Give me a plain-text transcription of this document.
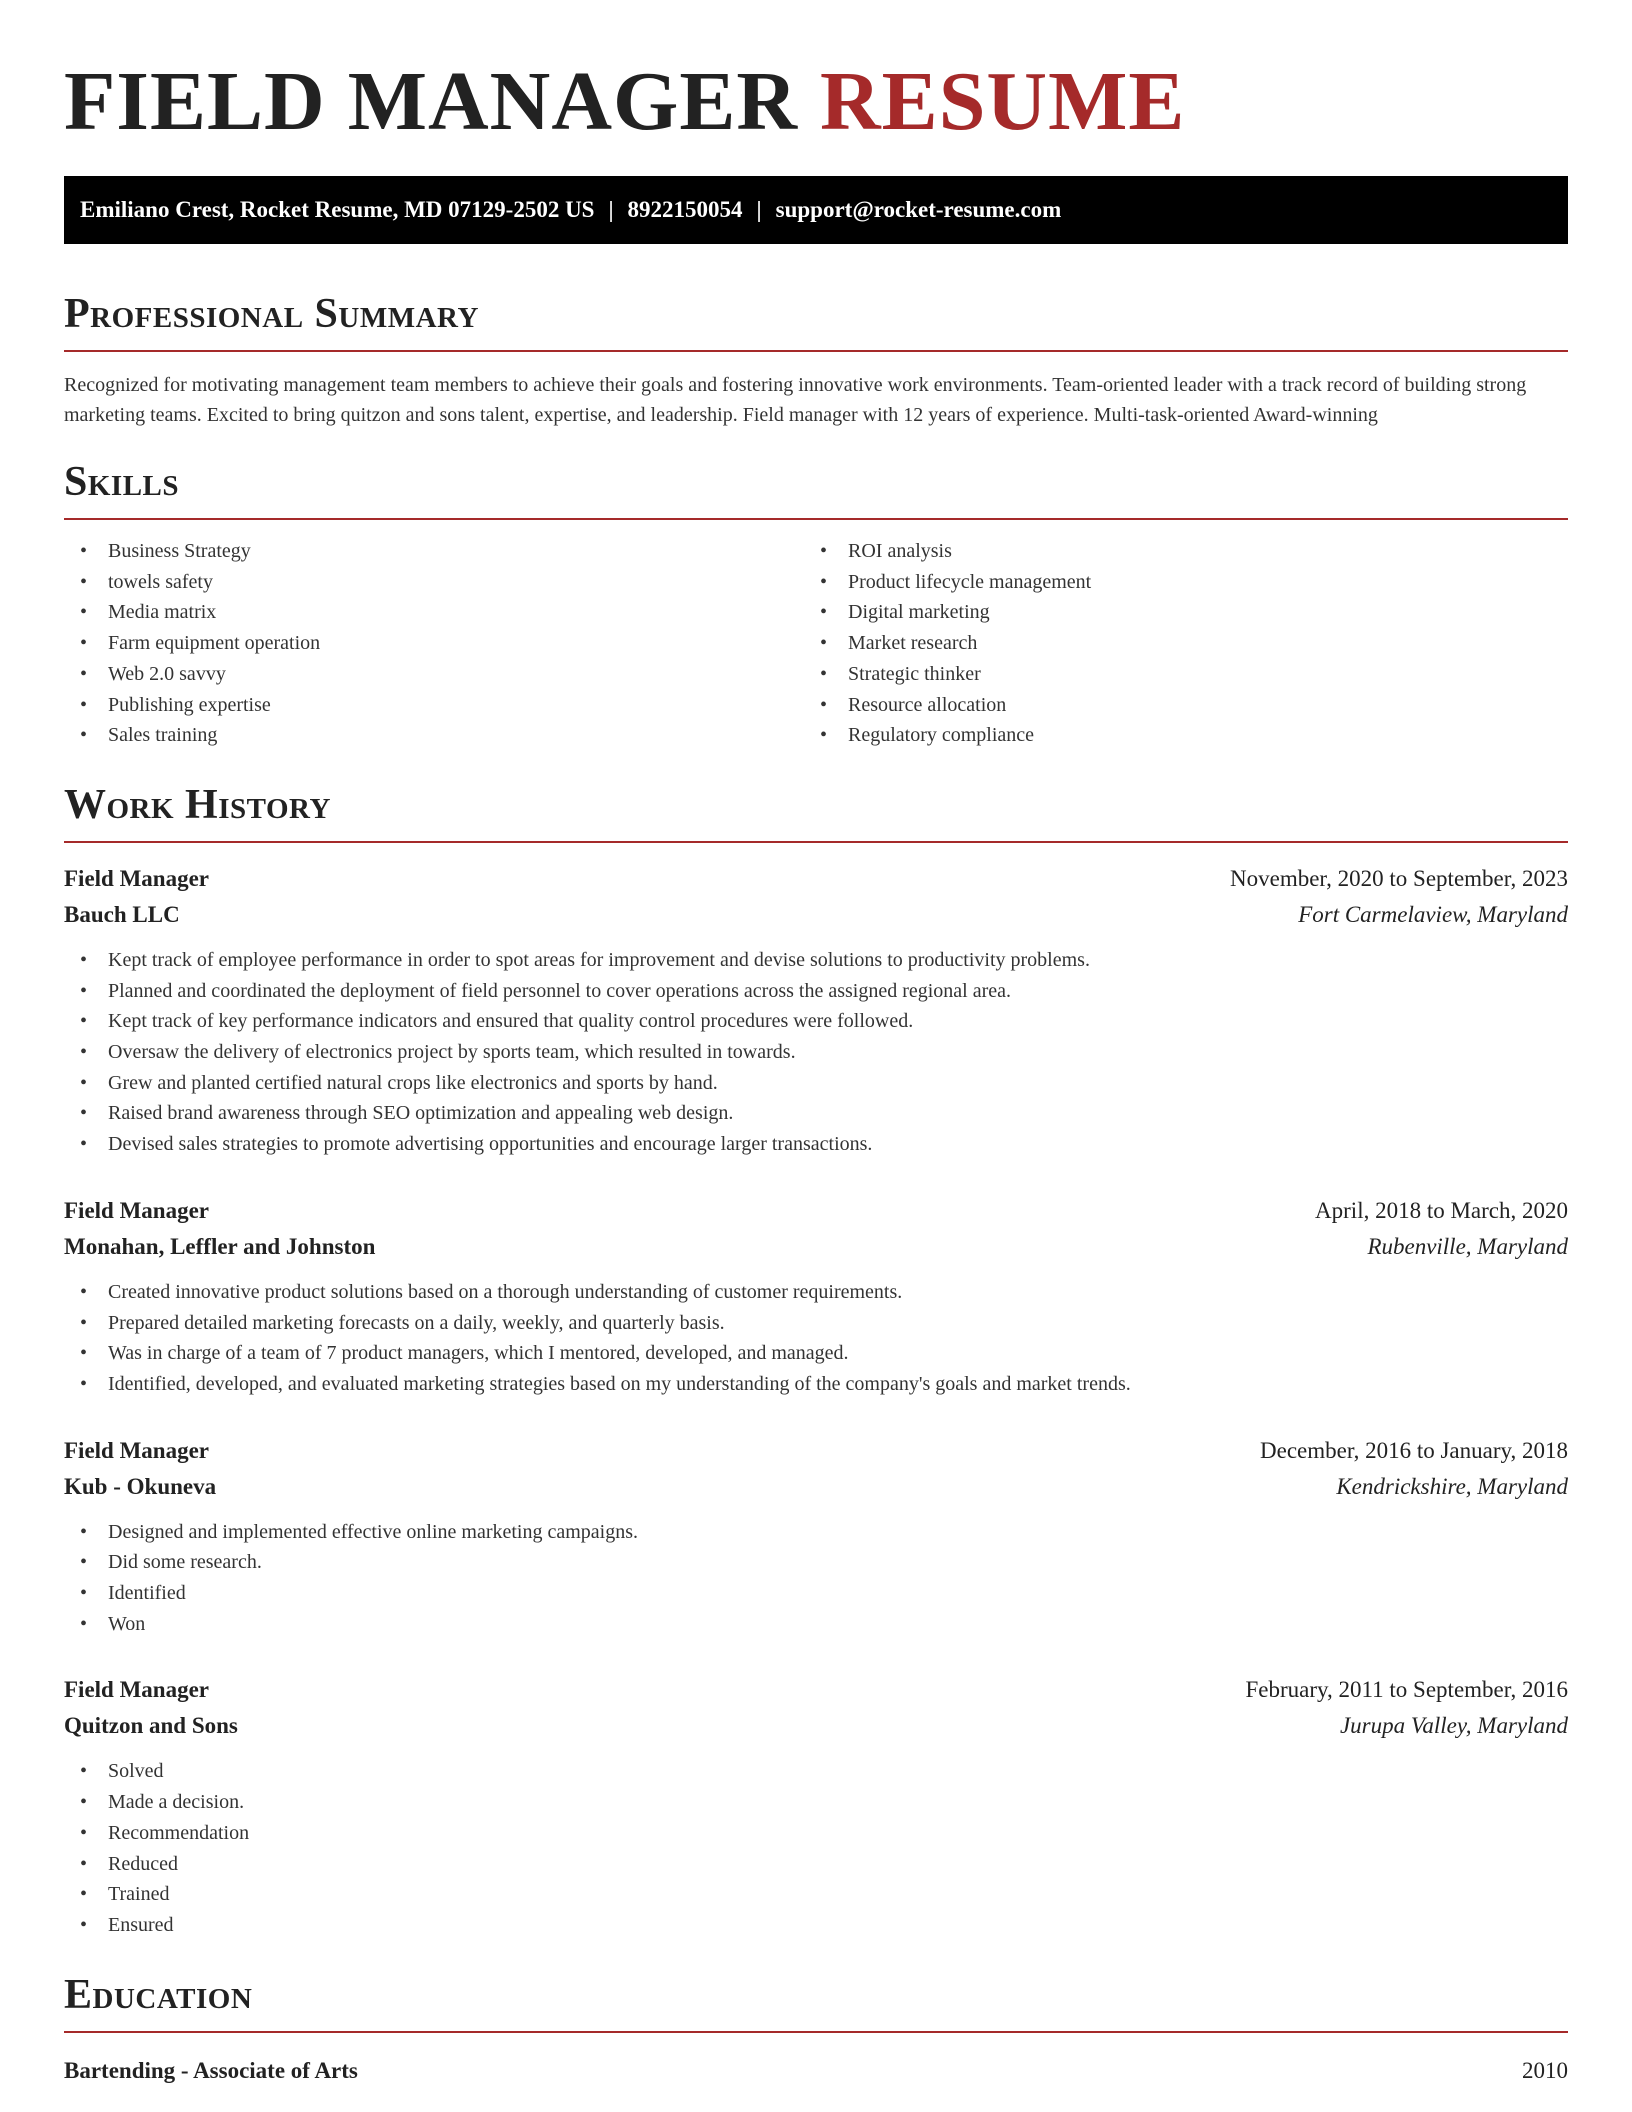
FIELD MANAGER RESUME
Emiliano Crest, Rocket Resume, MD 07129-2502 US | 8922150054 | support@rocket-resume.com
Professional Summary

Recognized for motivating management team members to achieve their goals and fostering innovative work environments. Team-oriented leader with a track record of building strong marketing teams. Excited to bring quitzon and sons talent, expertise, and leadership. Field manager with 12 years of experience. Multi-task-oriented Award-winning

Skills
• Business Strategy
• towels safety
• Media matrix
• Farm equipment operation
• Web 2.0 savvy
• Publishing expertise
• Sales training
• ROI analysis
• Product lifecycle management
• Digital marketing
• Market research
• Strategic thinker
• Resource allocation
• Regulatory compliance
Work History
Field Manager	November, 2020 to September, 2023
Bauch LLC	Fort Carmelaview, Maryland
• Kept track of employee performance in order to spot areas for improvement and devise solutions to productivity problems.
• Planned and coordinated the deployment of field personnel to cover operations across the assigned regional area.
• Kept track of key performance indicators and ensured that quality control procedures were followed.
• Oversaw the delivery of electronics project by sports team, which resulted in towards.
• Grew and planted certified natural crops like electronics and sports by hand.
• Raised brand awareness through SEO optimization and appealing web design.
• Devised sales strategies to promote advertising opportunities and encourage larger transactions.
Field Manager	April, 2018 to March, 2020
Monahan, Leffler and Johnston	Rubenville, Maryland
• Created innovative product solutions based on a thorough understanding of customer requirements.
• Prepared detailed marketing forecasts on a daily, weekly, and quarterly basis.
• Was in charge of a team of 7 product managers, which I mentored, developed, and managed.
• Identified, developed, and evaluated marketing strategies based on my understanding of the company's goals and market trends.
Field Manager	December, 2016 to January, 2018
Kub - Okuneva	Kendrickshire, Maryland
• Designed and implemented effective online marketing campaigns.
• Did some research.
• Identified
• Won
Field Manager	February, 2011 to September, 2016
Quitzon and Sons	Jurupa Valley, Maryland
• Solved
• Made a decision.
• Recommendation
• Reduced
• Trained
• Ensured
Education
Bartending - Associate of Arts	2010
